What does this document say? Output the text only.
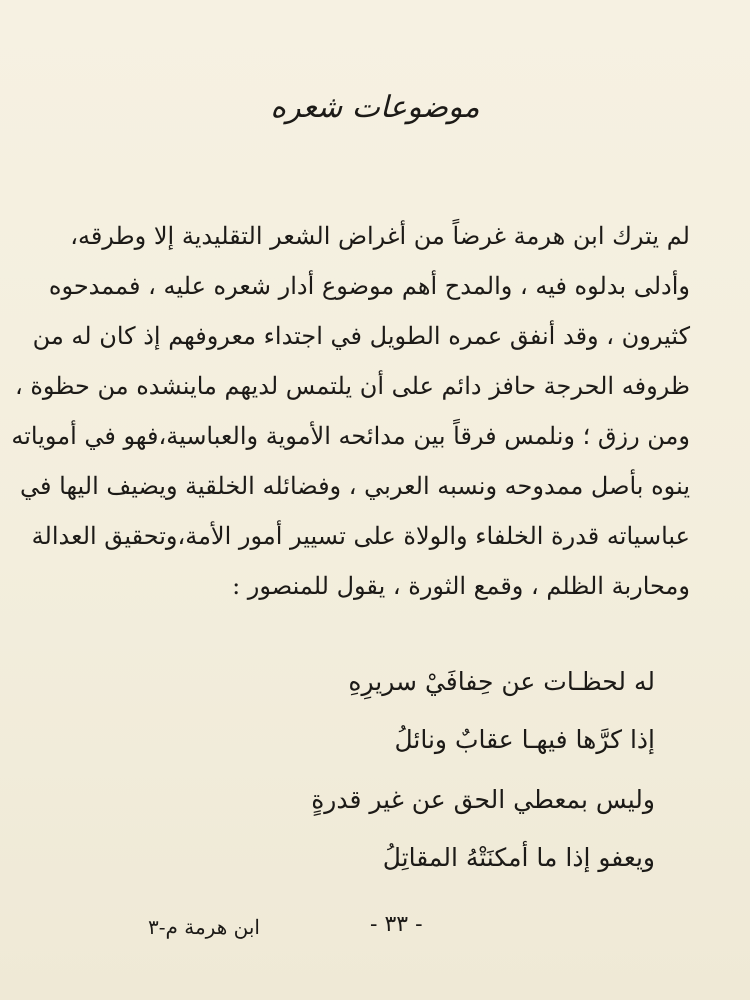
موضوعات شعره
لم يترك ابن هرمة غرضاً من أغراض الشعر التقليدية إلا وطرقه،
وأدلى بدلوه فيه ، والمدح أهم موضوع أدار شعره عليه ، فممدحوه
كثيرون ، وقد أنفق عمره الطويل في اجتداء معروفهم إذ كان له من
ظروفه الحرجة حافز دائم على أن يلتمس لديهم ماينشده من حظوة ،
ومن رزق ؛ ونلمس فرقاً بين مدائحه الأموية والعباسية،فهو في أموياته
ينوه بأصل ممدوحه ونسبه العربي ، وفضائله الخلقية ويضيف اليها في
عباسياته قدرة الخلفاء والولاة على تسيير أمور الأمة،وتحقيق العدالة
ومحاربة الظلم ، وقمع الثورة ، يقول للمنصور :
له لحظـات عن حِفافَيْ سريرِهِ
إذا كرَّها فيهـا عقابٌ ونائلُ
وليس بمعطي الحق عن غير قدرةٍ
ويعفو إذا ما أمكنَتْهُ المقاتِلُ
ابن هرمة م-٣	- ٣٣ -
